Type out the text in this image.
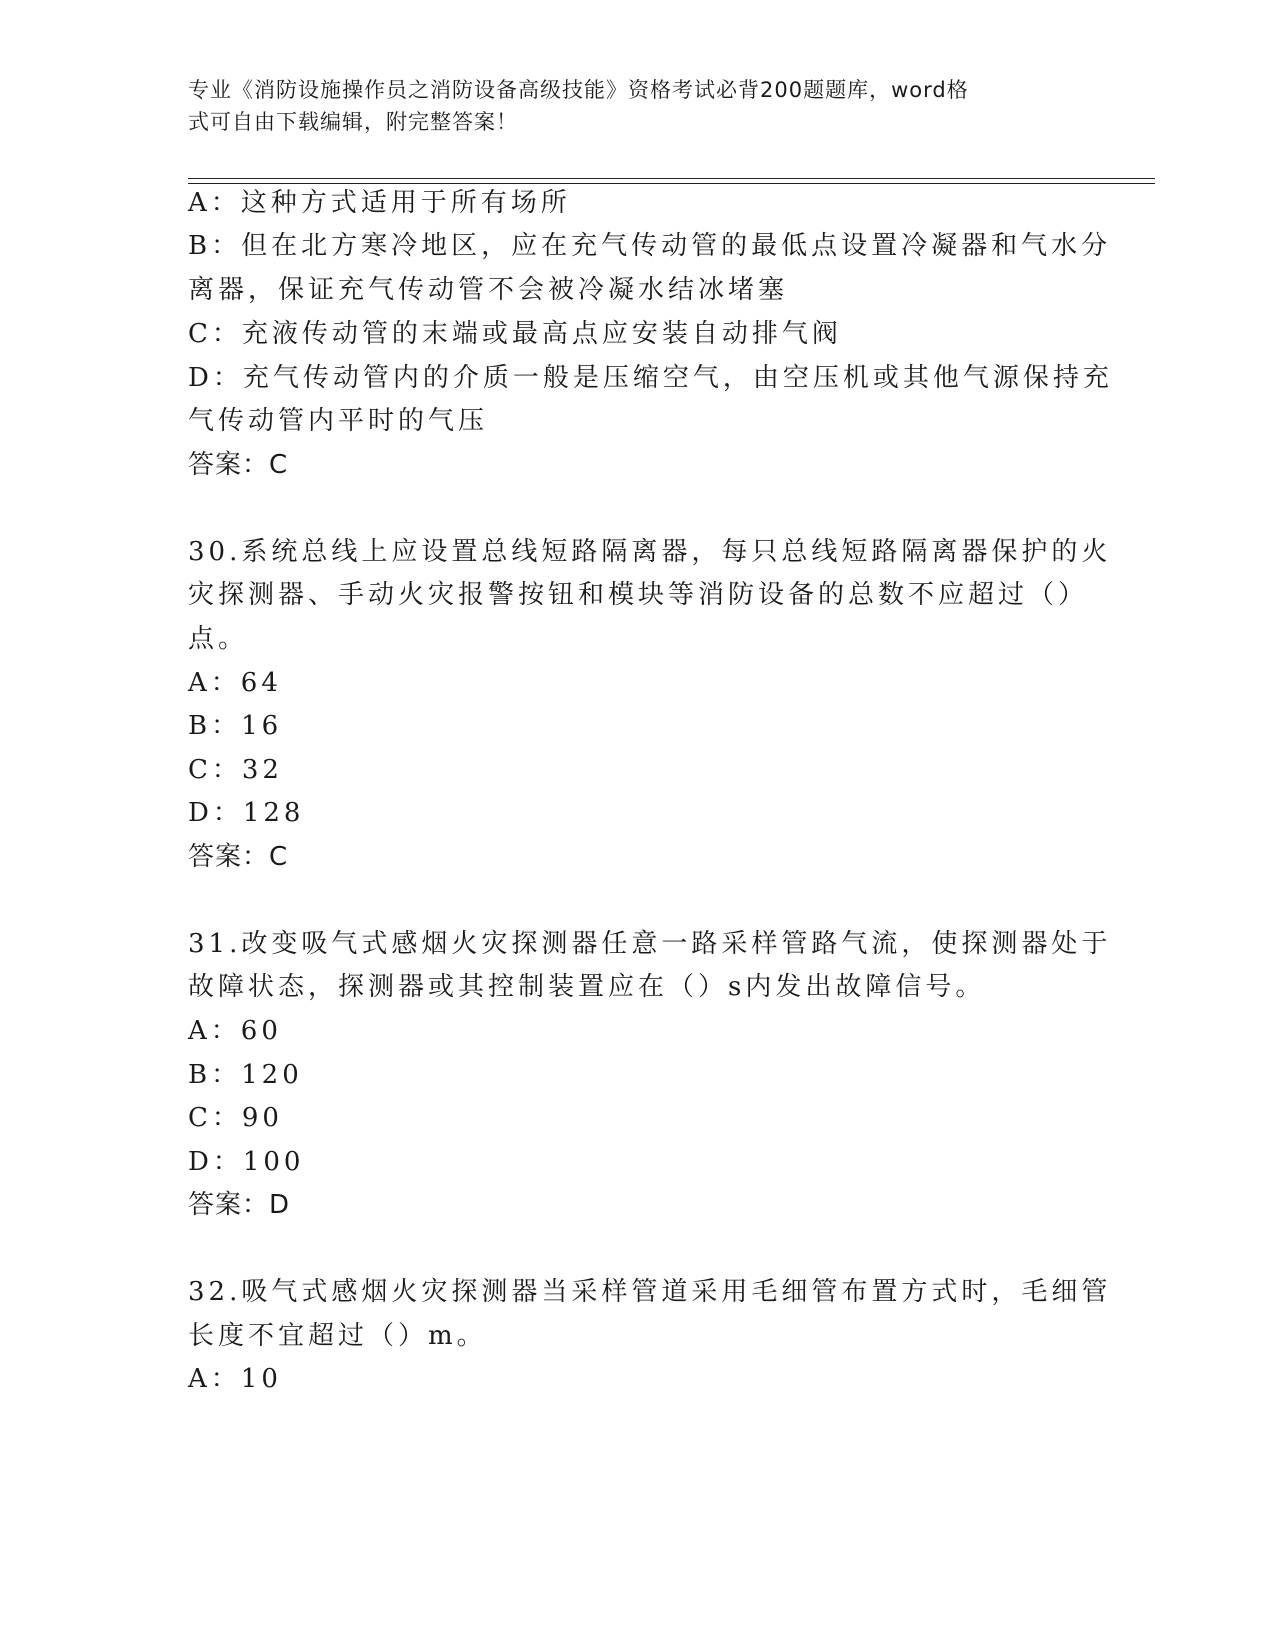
专业《消防设施操作员之消防设备高级技能》资格考试必背200题题库，word格
式可自由下载编辑，附完整答案！
A：这种方式适用于所有场所
B：但在北方寒冷地区，应在充气传动管的最低点设置冷凝器和气水分
离器，保证充气传动管不会被冷凝水结冰堵塞
C：充液传动管的末端或最高点应安装自动排气阀
D：充气传动管内的介质一般是压缩空气，由空压机或其他气源保持充
气传动管内平时的气压
答案：C
30.系统总线上应设置总线短路隔离器，每只总线短路隔离器保护的火
灾探测器、手动火灾报警按钮和模块等消防设备的总数不应超过（）
点。
A：64
B：16
C：32
D：128
答案：C
31.改变吸气式感烟火灾探测器任意一路采样管路气流，使探测器处于
故障状态，探测器或其控制装置应在（）s内发出故障信号。
A：60
B：120
C：90
D：100
答案：D
32.吸气式感烟火灾探测器当采样管道采用毛细管布置方式时，毛细管
长度不宜超过（）m。
A：10
